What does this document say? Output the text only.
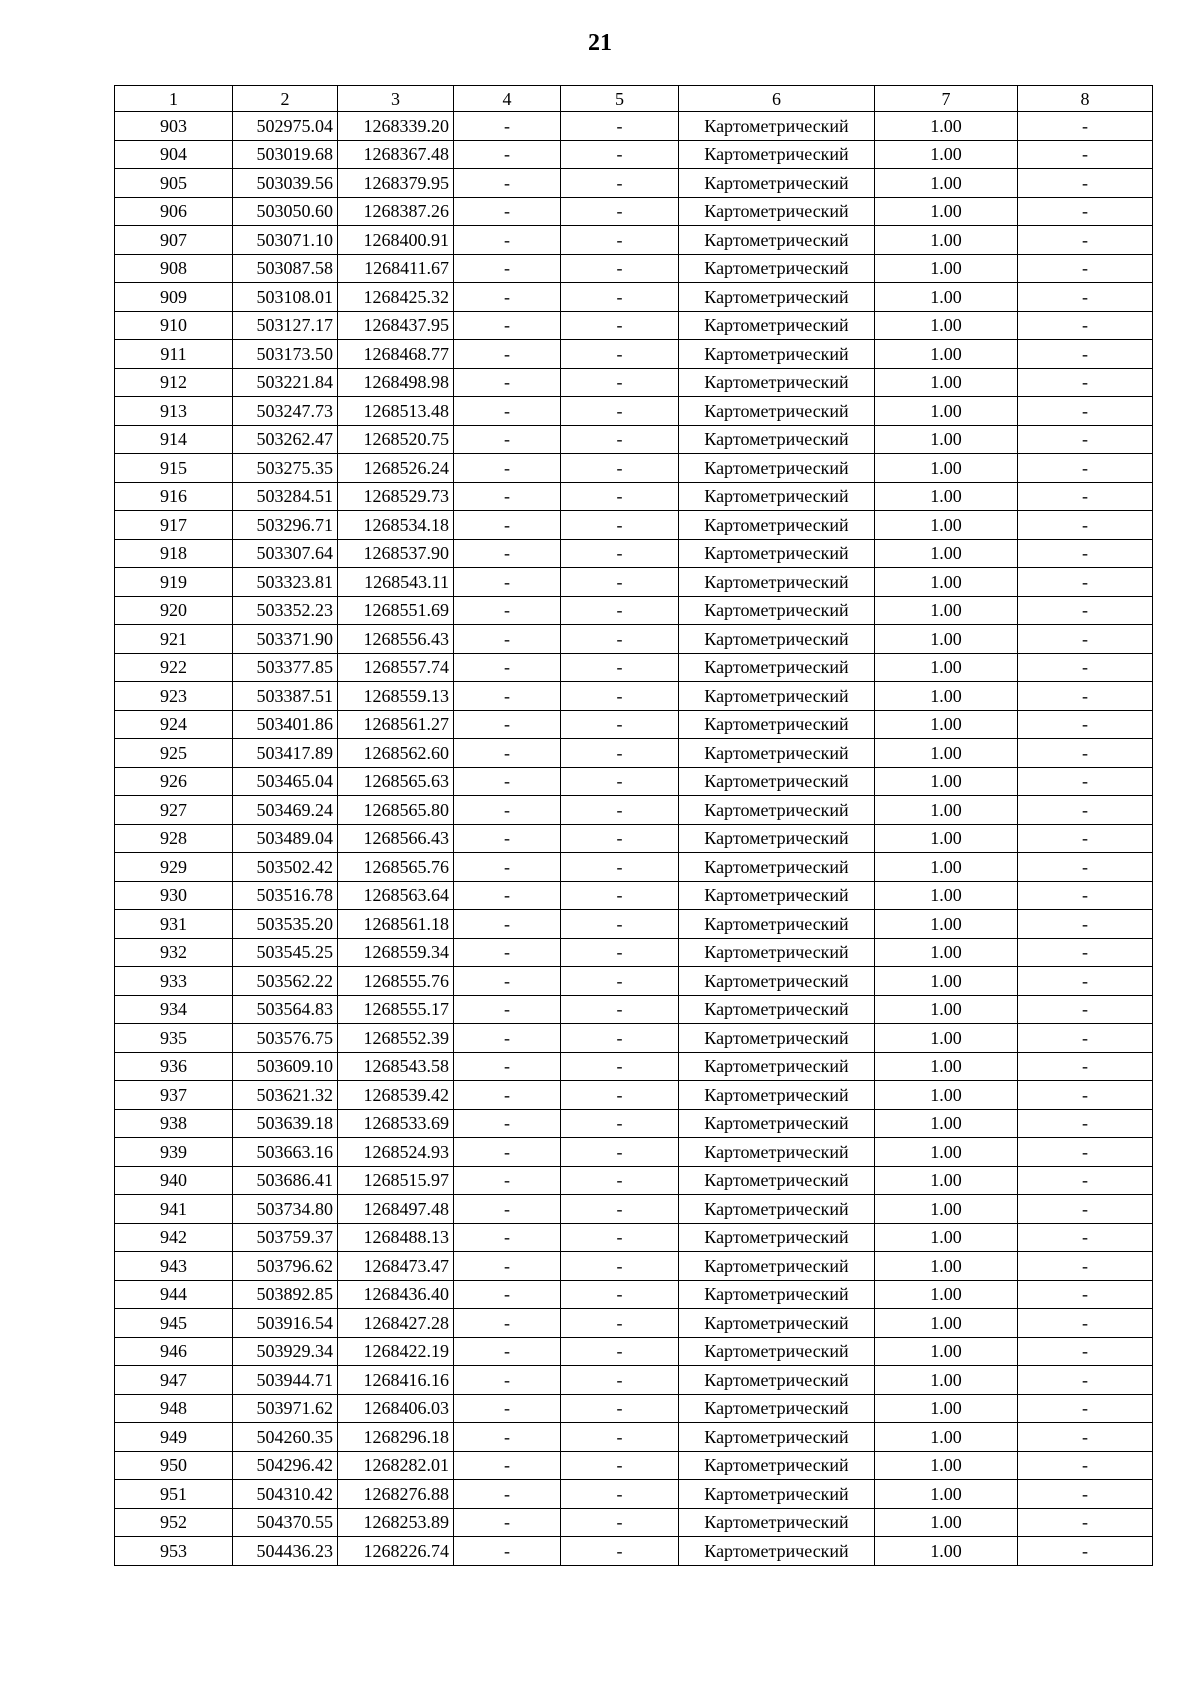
21
1	2	3	4	5	6	7	8
903	502975.04	1268339.20	-	-	Картометрический	1.00	-
904	503019.68	1268367.48	-	-	Картометрический	1.00	-
905	503039.56	1268379.95	-	-	Картометрический	1.00	-
906	503050.60	1268387.26	-	-	Картометрический	1.00	-
907	503071.10	1268400.91	-	-	Картометрический	1.00	-
908	503087.58	1268411.67	-	-	Картометрический	1.00	-
909	503108.01	1268425.32	-	-	Картометрический	1.00	-
910	503127.17	1268437.95	-	-	Картометрический	1.00	-
911	503173.50	1268468.77	-	-	Картометрический	1.00	-
912	503221.84	1268498.98	-	-	Картометрический	1.00	-
913	503247.73	1268513.48	-	-	Картометрический	1.00	-
914	503262.47	1268520.75	-	-	Картометрический	1.00	-
915	503275.35	1268526.24	-	-	Картометрический	1.00	-
916	503284.51	1268529.73	-	-	Картометрический	1.00	-
917	503296.71	1268534.18	-	-	Картометрический	1.00	-
918	503307.64	1268537.90	-	-	Картометрический	1.00	-
919	503323.81	1268543.11	-	-	Картометрический	1.00	-
920	503352.23	1268551.69	-	-	Картометрический	1.00	-
921	503371.90	1268556.43	-	-	Картометрический	1.00	-
922	503377.85	1268557.74	-	-	Картометрический	1.00	-
923	503387.51	1268559.13	-	-	Картометрический	1.00	-
924	503401.86	1268561.27	-	-	Картометрический	1.00	-
925	503417.89	1268562.60	-	-	Картометрический	1.00	-
926	503465.04	1268565.63	-	-	Картометрический	1.00	-
927	503469.24	1268565.80	-	-	Картометрический	1.00	-
928	503489.04	1268566.43	-	-	Картометрический	1.00	-
929	503502.42	1268565.76	-	-	Картометрический	1.00	-
930	503516.78	1268563.64	-	-	Картометрический	1.00	-
931	503535.20	1268561.18	-	-	Картометрический	1.00	-
932	503545.25	1268559.34	-	-	Картометрический	1.00	-
933	503562.22	1268555.76	-	-	Картометрический	1.00	-
934	503564.83	1268555.17	-	-	Картометрический	1.00	-
935	503576.75	1268552.39	-	-	Картометрический	1.00	-
936	503609.10	1268543.58	-	-	Картометрический	1.00	-
937	503621.32	1268539.42	-	-	Картометрический	1.00	-
938	503639.18	1268533.69	-	-	Картометрический	1.00	-
939	503663.16	1268524.93	-	-	Картометрический	1.00	-
940	503686.41	1268515.97	-	-	Картометрический	1.00	-
941	503734.80	1268497.48	-	-	Картометрический	1.00	-
942	503759.37	1268488.13	-	-	Картометрический	1.00	-
943	503796.62	1268473.47	-	-	Картометрический	1.00	-
944	503892.85	1268436.40	-	-	Картометрический	1.00	-
945	503916.54	1268427.28	-	-	Картометрический	1.00	-
946	503929.34	1268422.19	-	-	Картометрический	1.00	-
947	503944.71	1268416.16	-	-	Картометрический	1.00	-
948	503971.62	1268406.03	-	-	Картометрический	1.00	-
949	504260.35	1268296.18	-	-	Картометрический	1.00	-
950	504296.42	1268282.01	-	-	Картометрический	1.00	-
951	504310.42	1268276.88	-	-	Картометрический	1.00	-
952	504370.55	1268253.89	-	-	Картометрический	1.00	-
953	504436.23	1268226.74	-	-	Картометрический	1.00	-
